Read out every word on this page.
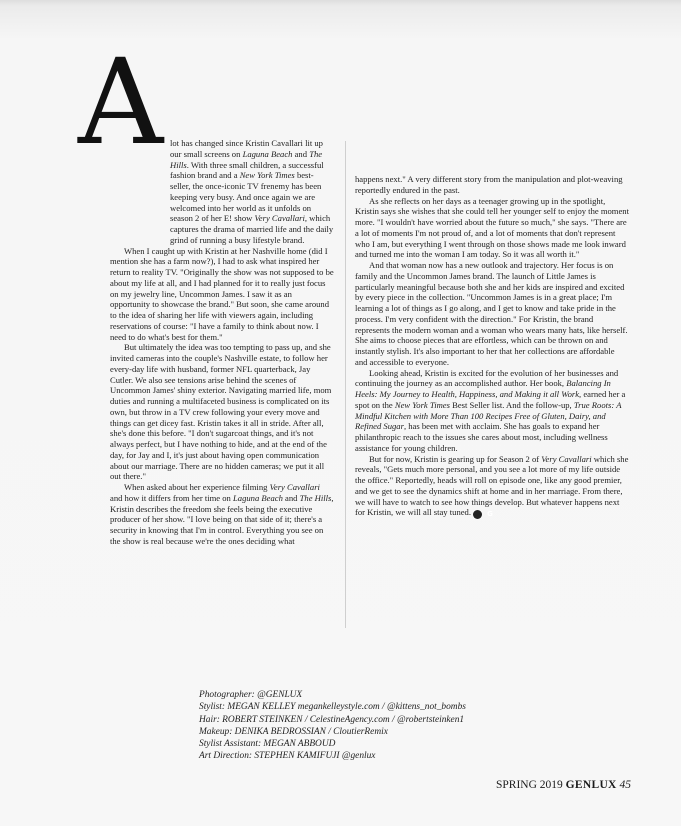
A lot has changed since Kristin Cavallari lit up our small screens on Laguna Beach and The Hills. With three small children, a successful fashion brand and a New York Times best-seller, the once-iconic TV frenemy has been keeping very busy. And once again we are welcomed into her world as it unfolds on season 2 of her E! show Very Cavallari, which captures the drama of married life and the daily grind of running a busy lifestyle brand.

When I caught up with Kristin at her Nashville home (did I mention she has a farm now?), I had to ask what inspired her return to reality TV. "Originally the show was not supposed to be about my life at all, and I had planned for it to really just focus on my jewelry line, Uncommon James. I saw it as an opportunity to showcase the brand." But soon, she came around to the idea of sharing her life with viewers again, including reservations of course: "I have a family to think about now. I need to do what's best for them."

But ultimately the idea was too tempting to pass up, and she invited cameras into the couple's Nashville estate, to follow her every-day life with husband, former NFL quarterback, Jay Cutler. We also see tensions arise behind the scenes of Uncommon James' shiny exterior. Navigating married life, mom duties and running a multifaceted business is complicated on its own, but throw in a TV crew following your every move and things can get dicey fast. Kristin takes it all in stride. After all, she's done this before. "I don't sugarcoat things, and it's not always perfect, but I have nothing to hide, and at the end of the day, for Jay and I, it's just about having open communication about our marriage. There are no hidden cameras; we put it all out there."

When asked about her experience filming Very Cavallari and how it differs from her time on Laguna Beach and The Hills, Kristin describes the freedom she feels being the executive producer of her show. "I love being on that side of it; there's a security in knowing that I'm in control. Everything you see on the show is real because we're the ones deciding what

happens next." A very different story from the manipulation and plot-weaving reportedly endured in the past.

As she reflects on her days as a teenager growing up in the spotlight, Kristin says she wishes that she could tell her younger self to enjoy the moment more. "I wouldn't have worried about the future so much," she says. "There are a lot of moments I'm not proud of, and a lot of moments that don't represent who I am, but everything I went through on those shows made me look inward and turned me into the woman I am today. So it was all worth it."

And that woman now has a new outlook and trajectory. Her focus is on family and the Uncommon James brand. The launch of Little James is particularly meaningful because both she and her kids are inspired and excited by every piece in the collection. "Uncommon James is in a great place; I'm learning a lot of things as I go along, and I get to know and take pride in the process. I'm very confident with the direction." For Kristin, the brand represents the modern woman and a woman who wears many hats, like herself. She aims to choose pieces that are effortless, which can be thrown on and instantly stylish. It's also important to her that her collections are affordable and accessible to everyone.

Looking ahead, Kristin is excited for the evolution of her businesses and continuing the journey as an accomplished author. Her book, Balancing In Heels: My Journey to Health, Happiness, and Making it all Work, earned her a spot on the New York Times Best Seller list. And the follow-up, True Roots: A Mindful Kitchen with More Than 100 Recipes Free of Gluten, Dairy, and Refined Sugar, has been met with acclaim. She has goals to expand her philanthropic reach to the issues she cares about most, including wellness assistance for young children.

But for now, Kristin is gearing up for Season 2 of Very Cavallari which she reveals, "Gets much more personal, and you see a lot more of my life outside the office." Reportedly, heads will roll on episode one, like any good premier, and we get to see the dynamics shift at home and in her marriage. From there, we will have to watch to see how things develop. But whatever happens next for Kristin, we will all stay tuned. G

Photographer: @GENLUX
Stylist: MEGAN KELLEY megankelleystyle.com / @kittens_not_bombs
Hair: ROBERT STEINKEN / CelestineAgency.com / @robertsteinken1
Makeup: DENIKA BEDROSSIAN / CloutierRemix
Stylist Assistant: MEGAN ABBOUD
Art Direction: STEPHEN KAMIFUJI @genlux
SPRING 2019 GENLUX 45
